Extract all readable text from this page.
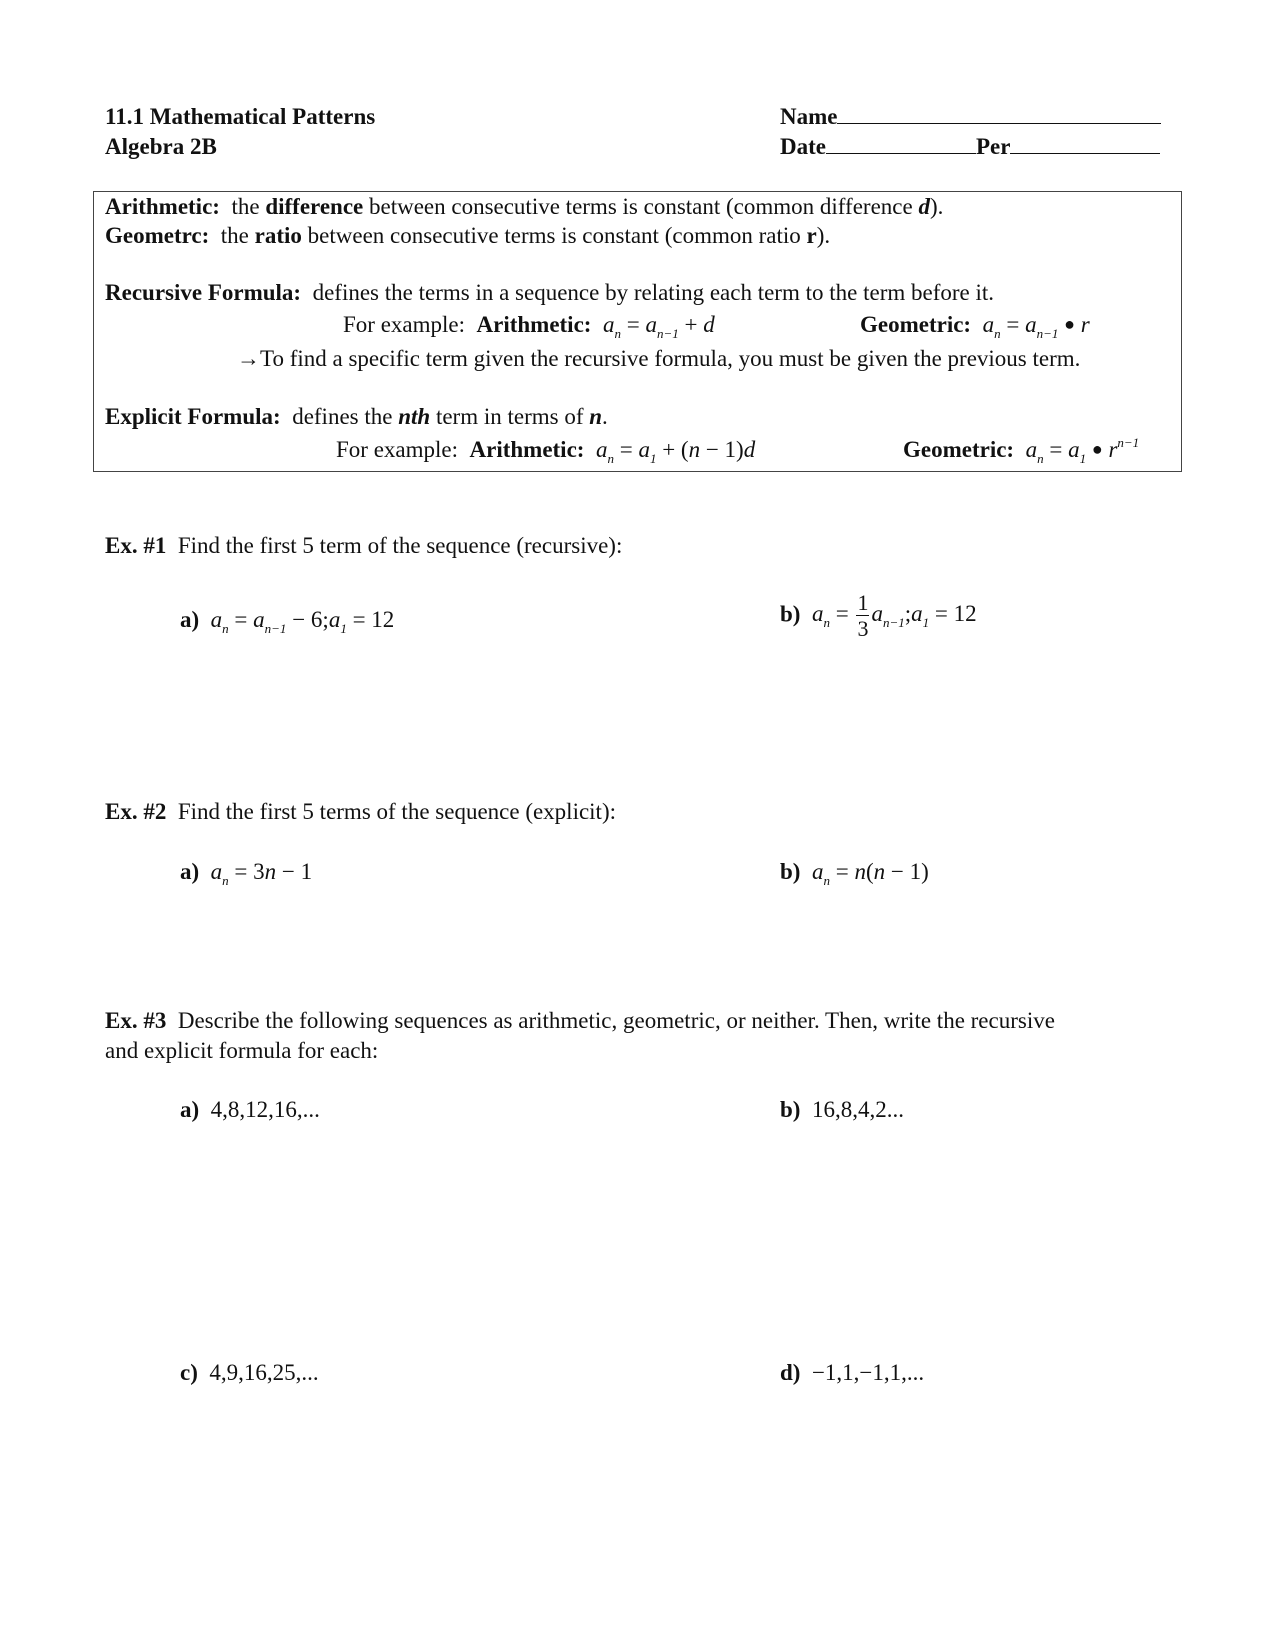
11.1 Mathematical Patterns
Algebra 2B
Name
Date	Per
Arithmetic: the difference between consecutive terms is constant (common difference d).
Geometrc: the ratio between consecutive terms is constant (common ratio r).
Recursive Formula: defines the terms in a sequence by relating each term to the term before it.
For example: Arithmetic: $a_n = a_{n-1} + d$	Geometric: $a_n = a_{n-1}$ ● r
→To find a specific term given the recursive formula, you must be given the previous term.
Explicit Formula: defines the nth term in terms of n.
For example: Arithmetic: $a_n = a_1 + (n - 1)d$	Geometric: $a_n = a_1$ ● $r^{n-1}$
Ex. #1 Find the first 5 term of the sequence (recursive):
a) $a_n = a_{n-1}$ − $6;a_1 = 12$	b) $a_n = \frac{1}{3}$ $a_{n-1};a_1 = 12$
Ex. #2 Find the first 5 terms of the sequence (explicit):
a) $a_n = 3n - 1$	b) $a_n = n(n - 1)$
Ex. #3 Describe the following sequences as arithmetic, geometric, or neither. Then, write the recursive
and explicit formula for each:
a) 4,8,12,16,...	b) 16,8,4,2...
c) 4,9,16,25,...	d) −1,1,−1,1,...
